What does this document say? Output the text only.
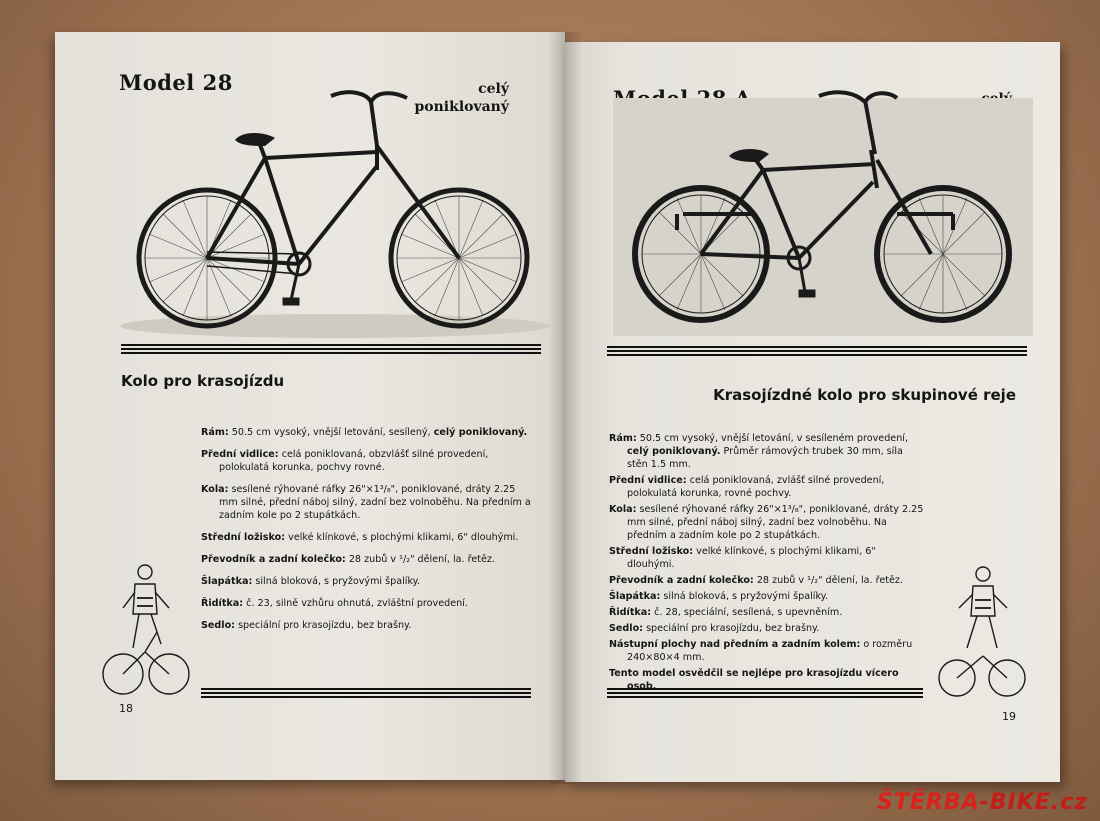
Model 28	celý
poniklovaný
Kolo pro krasojízdu
Rám: 50.5 cm vysoký, vnější letování, sesílený, celý poniklovaný.
Přední vidlice: celá poniklovaná, obzvlášť silné provedení, polokulatá korunka, pochvy rovné.
Kola: sesílené rýhované ráfky 26"×1³/₈", poniklované, dráty 2.25 mm silné, přední náboj silný, zadní bez volnoběhu. Na předním a zadním kole po 2 stupátkách.
Střední ložisko: velké klínkové, s plochými klikami, 6" dlouhými.
Převodník a zadní kolečko: 28 zubů v ¹/₂" dělení, la. řetěz.
Šlapátka: silná bloková, s pryžovými špalíky.
Řidítka: č. 23, silně vzhůru ohnutá, zvláštní provedení.
Sedlo: speciální pro krasojízdu, bez brašny.
18
Krasojízdné kolo pro skupinové reje
Rám: 50.5 cm vysoký, vnější letování, v sesíleném provedení, celý poniklovaný. Průměr rámových trubek 30 mm, síla stěn 1.5 mm.
Přední vidlice: celá poniklovaná, zvlášť silné provedení, polokulatá korunka, rovné pochvy.
Kola: sesílené rýhované ráfky 26"×1³/₈", poniklované, dráty 2.25 mm silné, přední náboj silný, zadní bez volnoběhu. Na předním a zadním kole po 2 stupátkách.
Střední ložisko: velké klínkové, s plochými klikami, 6" dlouhými.
Převodník a zadní kolečko: 28 zubů v ¹/₂" dělení, la. řetěz.
Šlapátka: silná bloková, s pryžovými špalíky.
Řidítka: č. 28, speciální, sesílená, s upevněním.
Sedlo: speciální pro krasojízdu, bez brašny.
Nástupní plochy nad předním a zadním kolem: o rozměru 240×80×4 mm.
Tento model osvědčil se nejlépe pro krasojízdu vícero osob.
19
ŠTĚRBA-BIKE.cz
